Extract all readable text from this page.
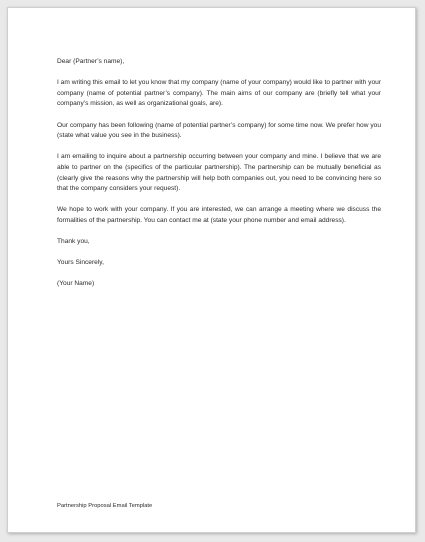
Dear (Partner’s name),

I am writing this email to let you know that my company (name of your company) would like to partner with your company (name of potential partner’s company). The main aims of our company are (briefly tell what your company’s mission, as well as organizational goals, are).

Our company has been following (name of potential partner’s company) for some time now. We prefer how you (state what value you see in the business).

I am emailing to inquire about a partnership occurring between your company and mine. I believe that we are able to partner on the (specifics of the particular partnership). The partnership can be mutually beneficial as (clearly give the reasons why the partnership will help both companies out, you need to be convincing here so that the company considers your request).

We hope to work with your company. If you are interested, we can arrange a meeting where we discuss the formalities of the partnership. You can contact me at (state your phone number and email address).

Thank you,

Yours Sincerely,

(Your Name)

Partnership Proposal Email Template
